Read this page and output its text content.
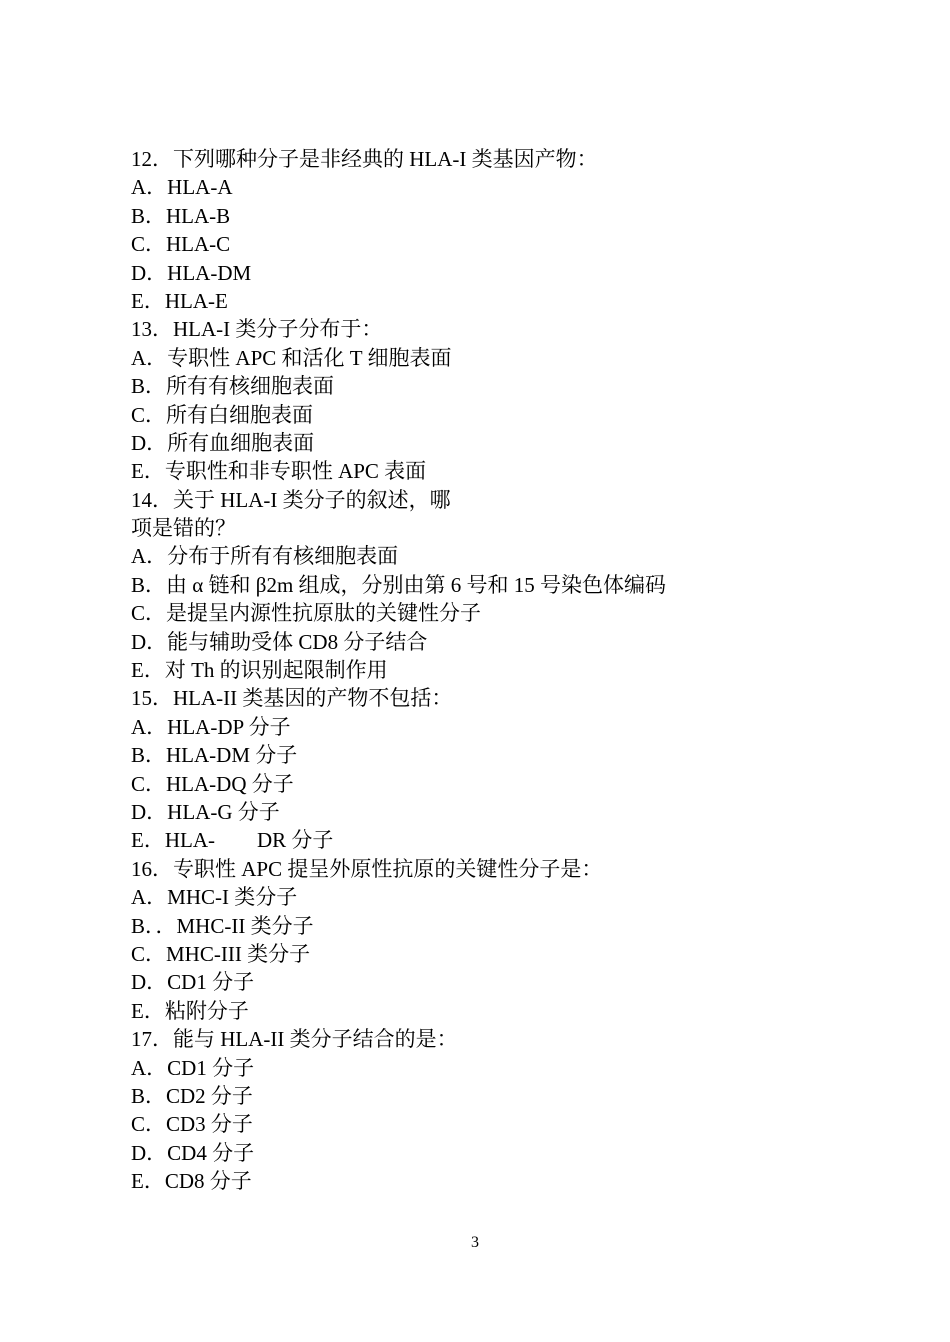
12．下列哪种分子是非经典的 HLA-I 类基因产物：
A．HLA-A
B．HLA-B
C．HLA-C
D．HLA-DM
E．HLA-E
13．HLA-I 类分子分布于：
A．专职性 APC 和活化 T 细胞表面
B．所有有核细胞表面
C．所有白细胞表面
D．所有血细胞表面
E．专职性和非专职性 APC 表面
14．关于 HLA-I 类分子的叙述，哪
项是错的？
A．分布于所有有核细胞表面
B．由 α 链和 β2m 组成，分别由第 6 号和 15 号染色体编码
C．是提呈内源性抗原肽的关键性分子
D．能与辅助受体 CD8 分子结合
E．对 Th 的识别起限制作用
15．HLA-II 类基因的产物不包括：
A．HLA-DP 分子
B．HLA-DM 分子
C．HLA-DQ 分子
D．HLA-G 分子
E．HLA-　　DR 分子
16．专职性 APC 提呈外原性抗原的关键性分子是：
A．MHC-I 类分子
B．．MHC-II 类分子
C．MHC-III 类分子
D．CD1 分子
E．粘附分子
17．能与 HLA-II 类分子结合的是：
A．CD1 分子
B．CD2 分子
C．CD3 分子
D．CD4 分子
E．CD8 分子
3
